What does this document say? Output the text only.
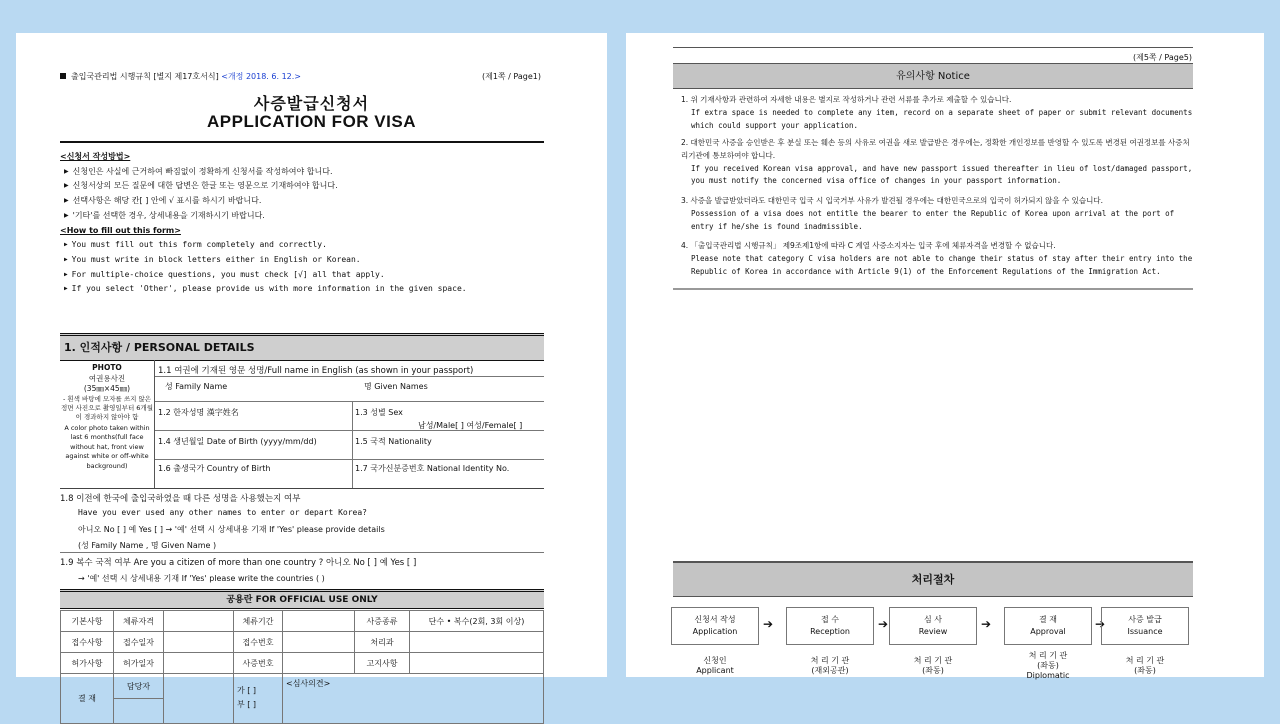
출입국관리법 시행규칙 [별지 제17호서식] <개정 2018. 6. 12.>	(제1쪽 / Page1)
사증발급신청서
APPLICATION FOR VISA
<신청서 작성방법>
▶ 신청인은 사실에 근거하여 빠짐없이 정확하게 신청서를 작성하여야 합니다.
▶ 신청서상의 모든 질문에 대한 답변은 한글 또는 영문으로 기재하여야 합니다.
▶ 선택사항은 해당 칸[ ] 안에 √ 표시를 하시기 바랍니다.
▶ '기타'를 선택한 경우, 상세내용을 기재하시기 바랍니다.
<How to fill out this form>
▶ You must fill out this form completely and correctly.
▶ You must write in block letters either in English or Korean.
▶ For multiple-choice questions, you must check [√] all that apply.
▶ If you select 'Other', please provide us with more information in the given space.
1. 인적사항 / PERSONAL DETAILS
PHOTO
여권용사진
(35㎜×45㎜)
- 흰색 바탕에 모자를 쓰지 않은 정면 사진으로 촬영일부터 6개월이 경과하지 않아야 함
A color photo taken within last 6 months(full face without hat, front view against white or off-white background)
1.1 여권에 기재된 영문 성명/Full name in English (as shown in your passport)
성 Family Name	명 Given Names
1.2 한자성명 漢字姓名	1.3 성별 Sex
남성/Male[ ] 여성/Female[ ]
1.4 생년월일 Date of Birth (yyyy/mm/dd)	1.5 국적 Nationality
1.6 출생국가 Country of Birth	1.7 국가신분증번호 National Identity No.
1.8 이전에 한국에 출입국하였을 때 다른 성명을 사용했는지 여부
Have you ever used any other names to enter or depart Korea?
아니오 No [ ] 예 Yes [ ] → '예' 선택 시 상세내용 기재 If 'Yes' please provide details
(성 Family Name , 명 Given Name )
1.9 복수 국적 여부 Are you a citizen of more than one country ? 아니오 No [ ] 예 Yes [ ]
→ '예' 선택 시 상세내용 기재 If 'Yes' please write the countries ( )
공용란 FOR OFFICIAL USE ONLY
기본사항	체류자격		체류기간		사증종류	단수 • 복수(2회, 3회 이상)
접수사항	접수일자		접수번호		처리과	
허가사항	허가일자		사증번호		고지사항	
결 재	담당자		가 [ ]
부 [ ]	<심사의견>		

(제5쪽 / Page5)
유의사항 Notice
1. 위 기재사항과 관련하여 자세한 내용은 별지로 작성하거나 관련 서류를 추가로 제출할 수 있습니다.
If extra space is needed to complete any item, record on a separate sheet of paper or submit relevant documents which could support your application.
2. 대한민국 사증을 승인받은 후 분실 또는 훼손 등의 사유로 여권을 새로 발급받은 경우에는, 정확한 개인정보를 반영할 수 있도록 변경된 여권정보를 사증처리기관에 통보하여야 합니다.
If you received Korean visa approval, and have new passport issued thereafter in lieu of lost/damaged passport, you must notify the concerned visa office of changes in your passport information.
3. 사증을 발급받았더라도 대한민국 입국 시 입국거부 사유가 발견될 경우에는 대한민국으로의 입국이 허가되지 않을 수 있습니다.
Possession of a visa does not entitle the bearer to enter the Republic of Korea upon arrival at the port of entry if he/she is found inadmissible.
4. 「출입국관리법 시행규칙」 제9조제1항에 따라 C 계열 사증소지자는 입국 후에 체류자격을 변경할 수 없습니다.
Please note that category C visa holders are not able to change their status of stay after their entry into the Republic of Korea in accordance with Article 9(1) of the Enforcement Regulations of the Immigration Act.
처리절차
신청서 작성
Application
➔	접 수
Reception
➔	심 사
Review
➔	결 재
Approval
➔	사증 발급
Issuance
신청인
Applicant
처 리 기 관
(재외공관)
처 리 기 관
(좌동)
처 리 기 관
(좌동)
Diplomatic
처 리 기 관
(좌동)
